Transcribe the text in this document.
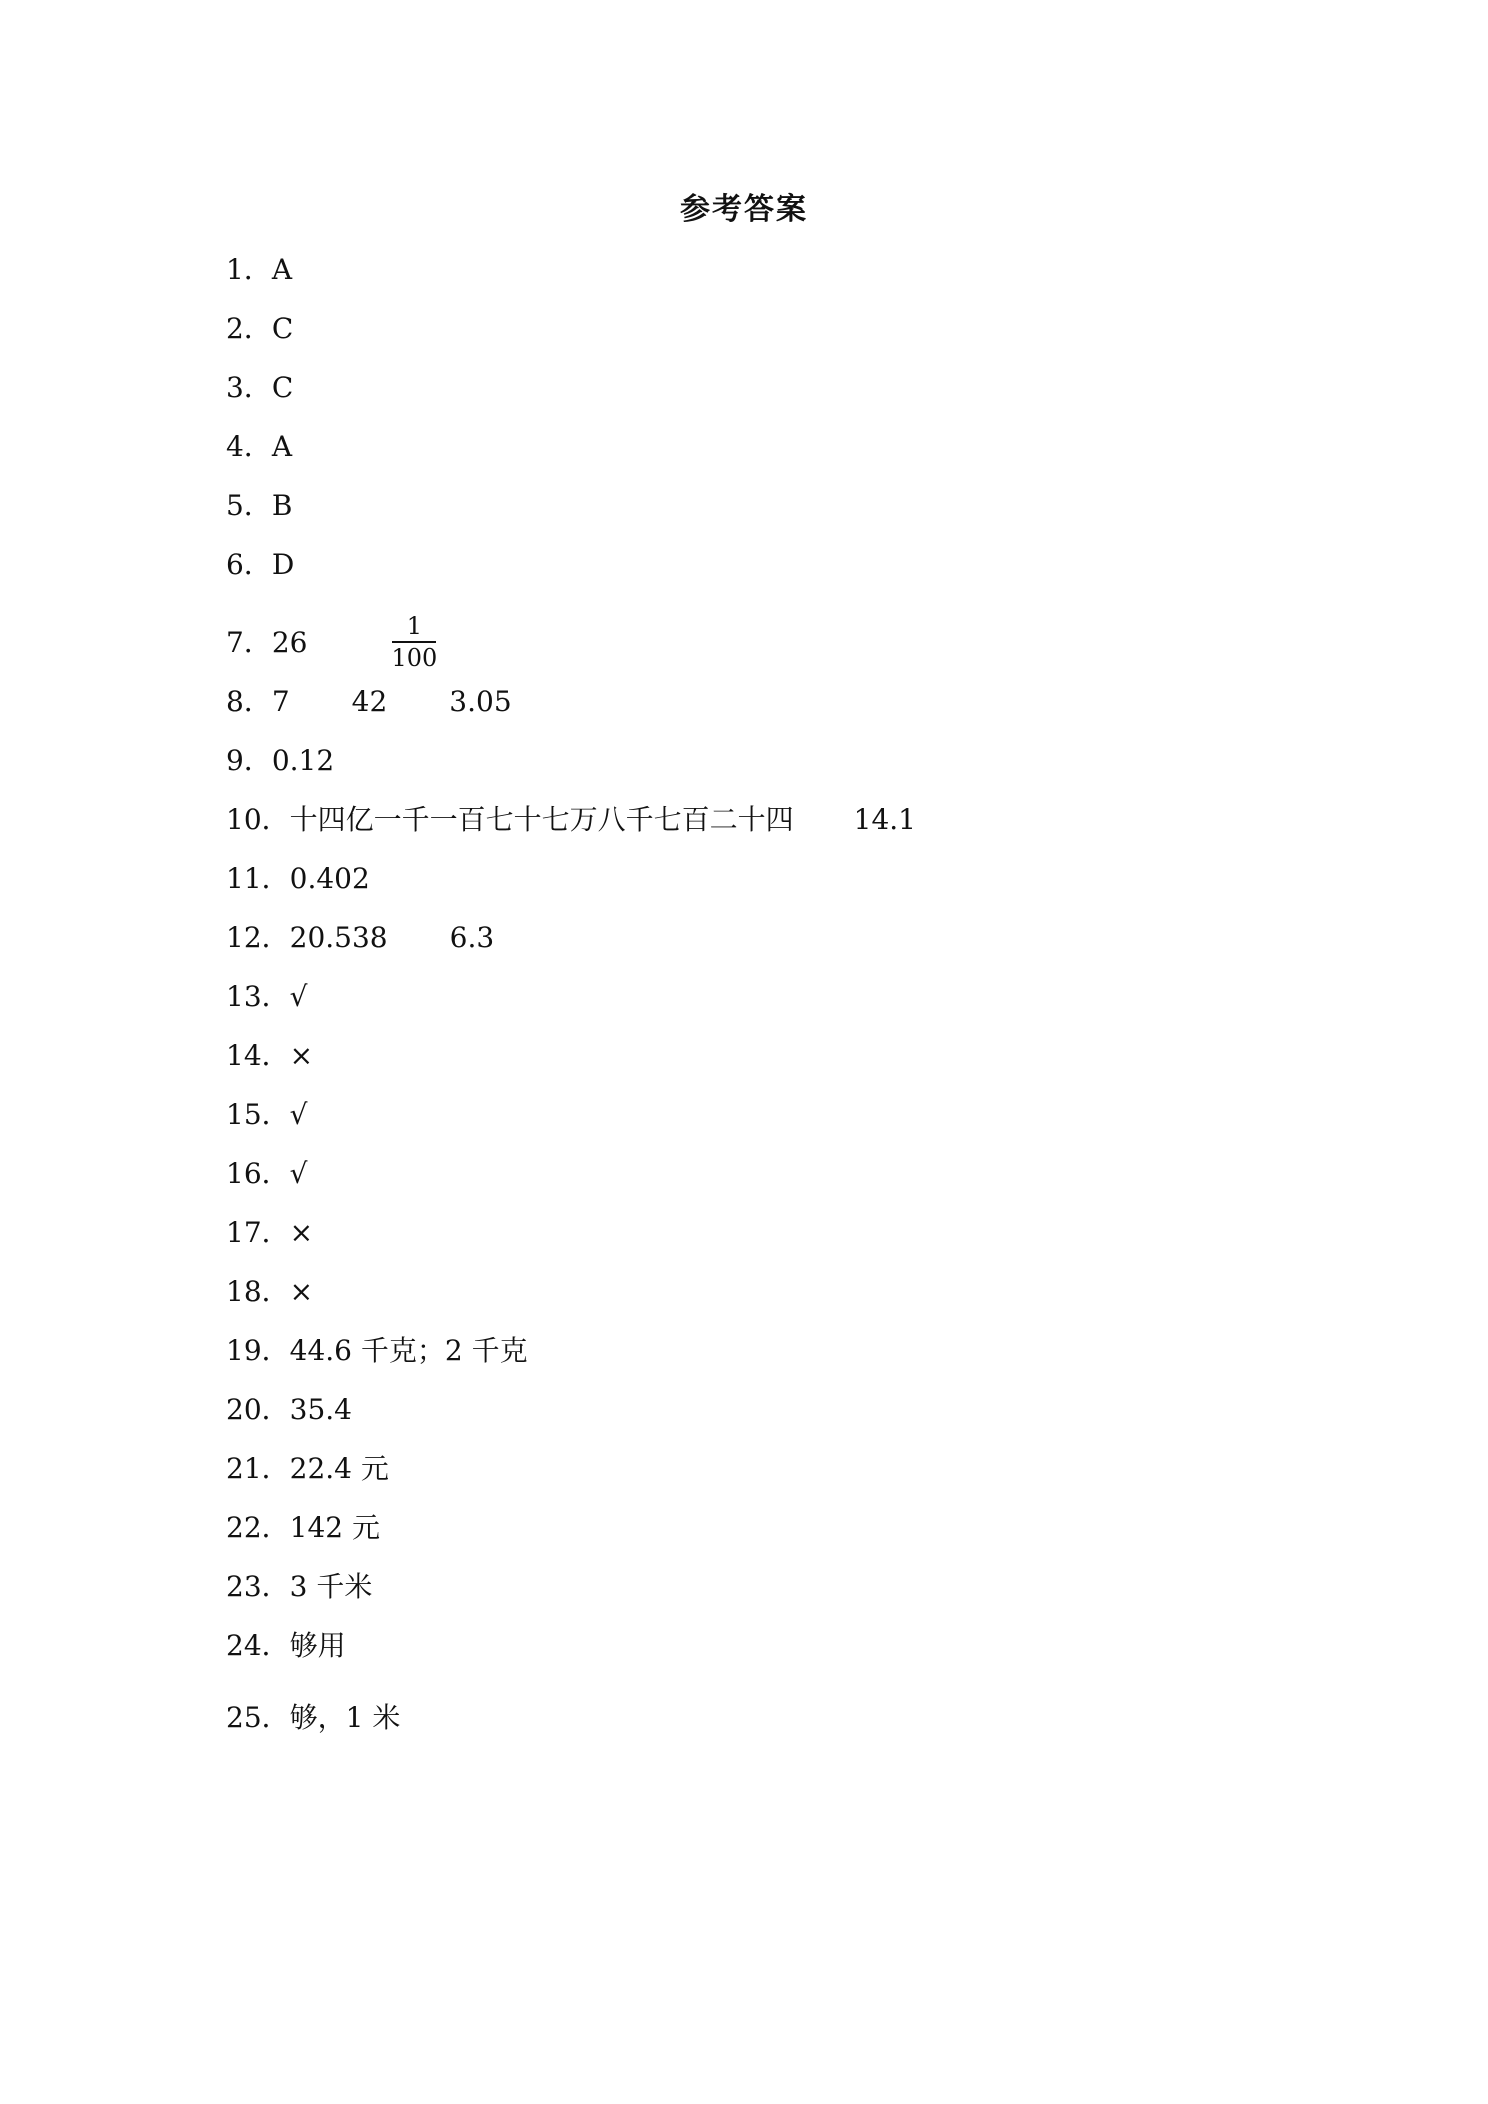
参考答案
1．A
2．C
3．C
4．A
5．B
6．D
7．26	$\frac{1}{100}$
8．7 42 3.05
9．0.12
10．十四亿一千一百七十七万八千七百二十四 14.1
11．0.402
12．20.538 6.3
13．√
14．×
15．√
16．√
17．×
18．×
19．44.6 千克；2 千克
20．35.4
21．22.4 元
22．142 元
23．3 千米
24．够用
25．够，1 米
